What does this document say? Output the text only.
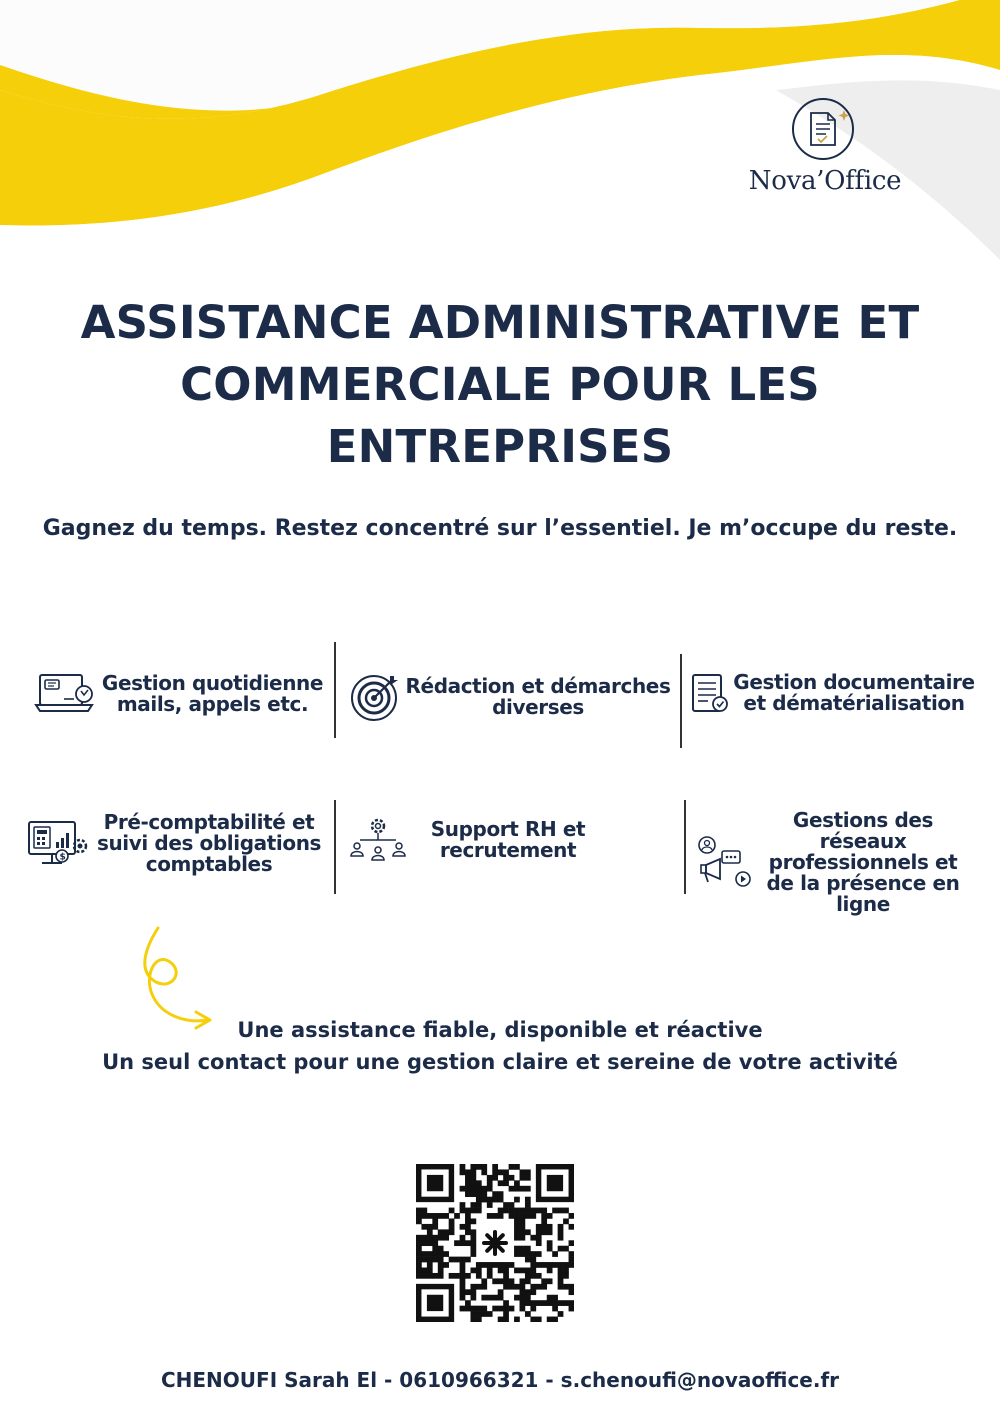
Nova’Office
ASSISTANCE ADMINISTRATIVE ET
COMMERCIALE POUR LES ENTREPRISES
Gagnez du temps. Restez concentré sur l’essentiel. Je m’occupe du reste.
Gestion quotidienne
mails, appels etc.
Rédaction et démarches
diverses
Gestion documentaire
et dématérialisation
$
Pré-comptabilité et
suivi des obligations
comptables
Support RH et
recrutement
Gestions des
réseaux
professionnels et
de la présence en
ligne
Une assistance fiable, disponible et réactive
Un seul contact pour une gestion claire et sereine de votre activité
CHENOUFI Sarah El - 0610966321 - s.chenoufi@novaoffice.fr
